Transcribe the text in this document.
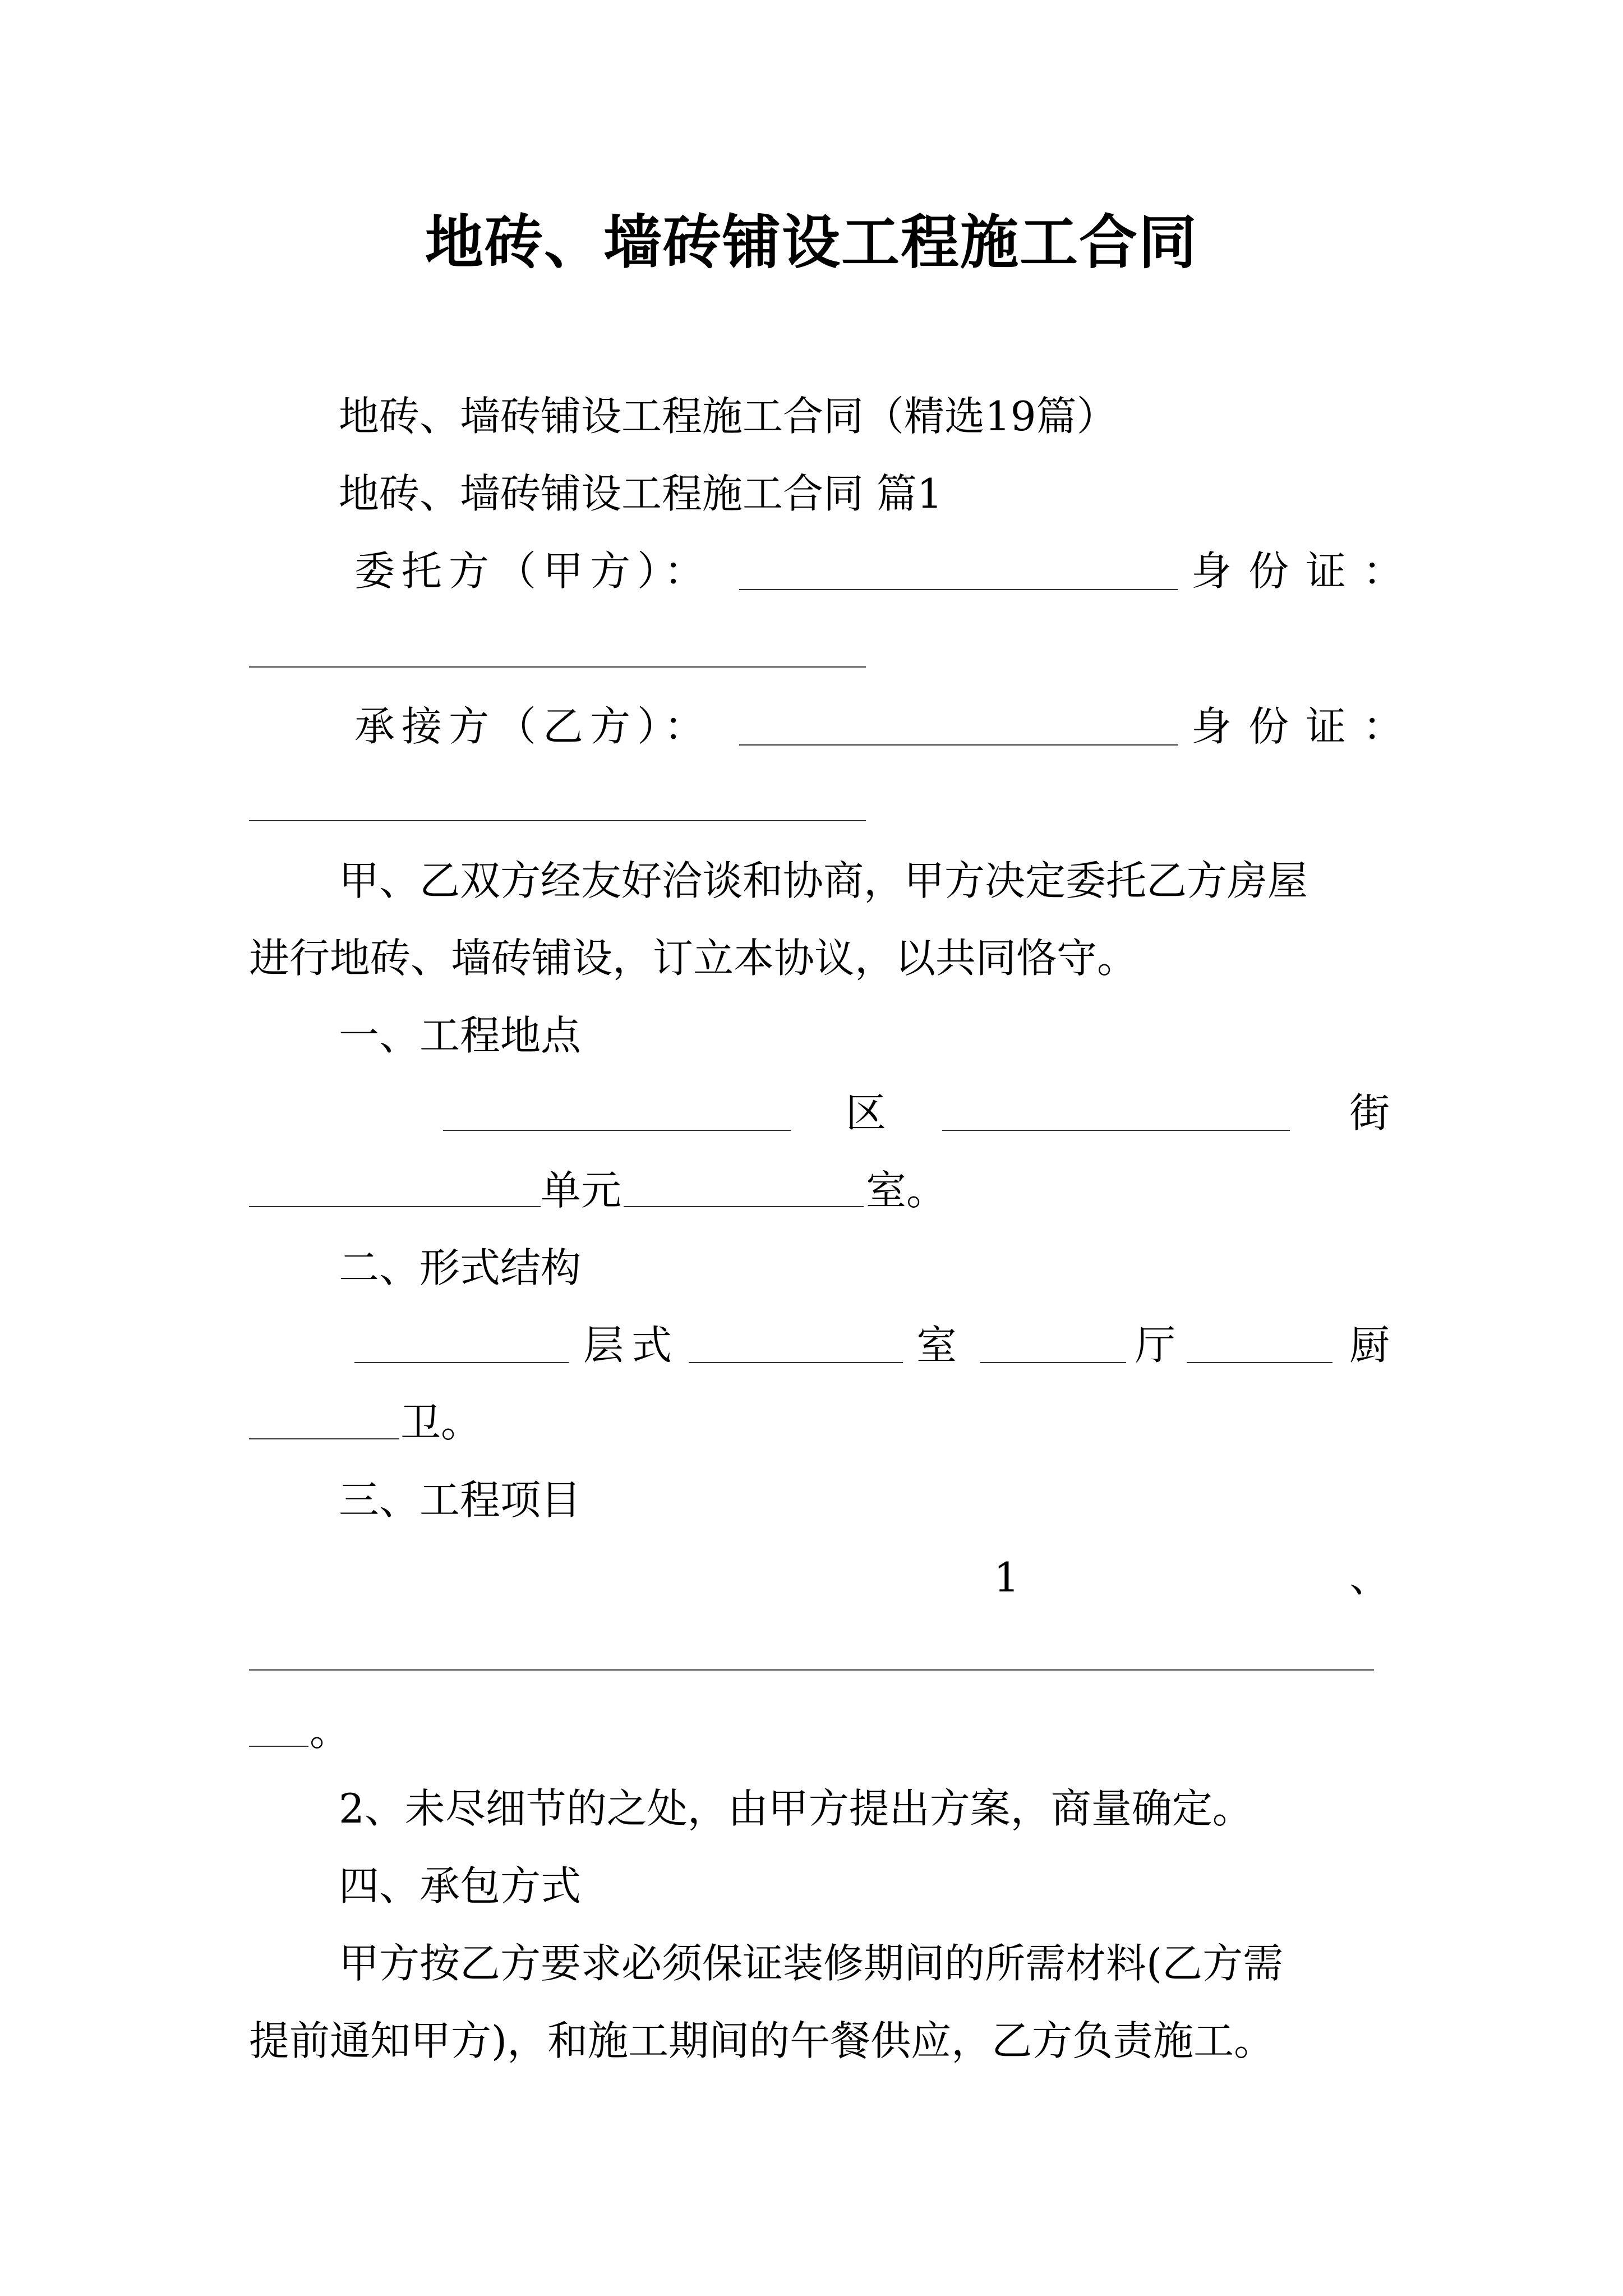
地砖、墙砖铺设工程施工合同
地砖、墙砖铺设工程施工合同（精选19篇）
地砖、墙砖铺设工程施工合同 篇1
委托方（甲方）：	身份证：
承接方（乙方）：	身份证：
甲、乙双方经友好洽谈和协商，甲方决定委托乙方房屋
进行地砖、墙砖铺设，订立本协议，以共同恪守。
一、工程地点
区	街
单元	室。
二、形式结构
层式	室	厅	厨
卫。
三、工程项目
1	、
。
2、未尽细节的之处，由甲方提出方案，商量确定。
四、承包方式
甲方按乙方要求必须保证装修期间的所需材料(乙方需
提前通知甲方)，和施工期间的午餐供应，乙方负责施工。
